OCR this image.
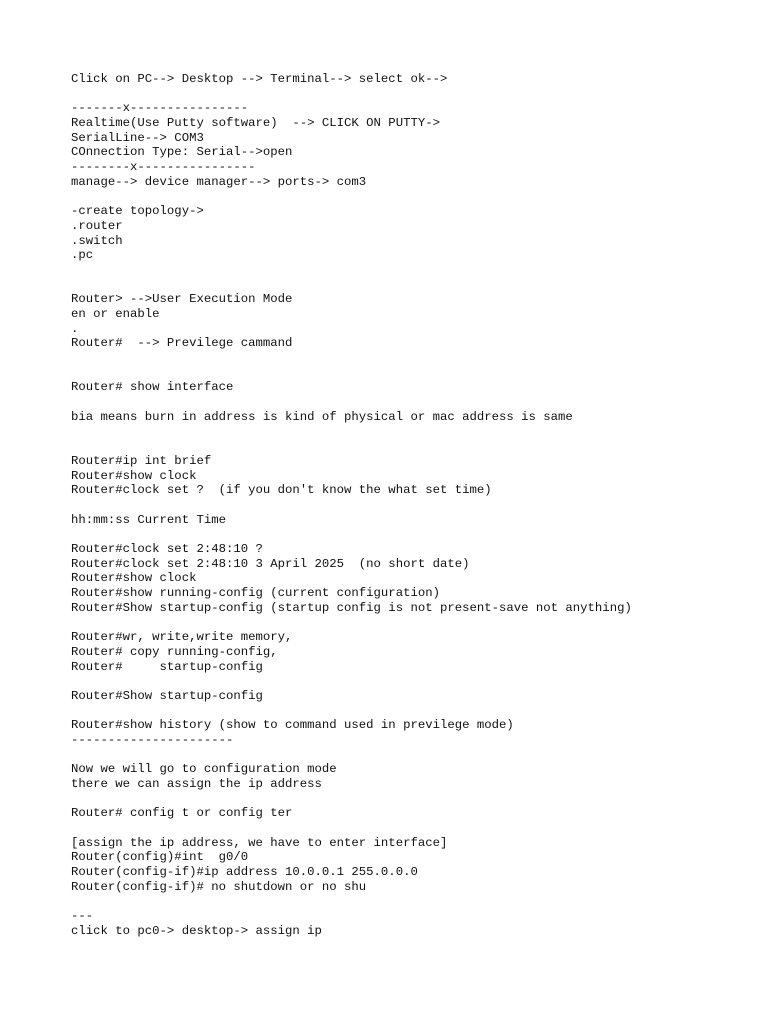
Click on PC--> Desktop --> Terminal--> select ok-->
-------x----------------
Realtime(Use Putty software)  --> CLICK ON PUTTY->
SerialLine--> COM3
COnnection Type: Serial-->open
--------x----------------
manage--> device manager--> ports-> com3
-create topology->
.router
.switch
.pc
Router> -->User Execution Mode
en or enable
.
Router#  --> Previlege cammand
Router# show interface
bia means burn in address is kind of physical or mac address is same
Router#ip int brief
Router#show clock
Router#clock set ?  (if you don't know the what set time)
hh:mm:ss Current Time
Router#clock set 2:48:10 ?
Router#clock set 2:48:10 3 April 2025  (no short date)
Router#show clock
Router#show running-config (current configuration)
Router#Show startup-config (startup config is not present-save not anything)
Router#wr, write,write memory,
Router# copy running-config,
Router#     startup-config
Router#Show startup-config
Router#show history (show to command used in previlege mode)
----------------------
Now we will go to configuration mode
there we can assign the ip address
Router# config t or config ter
[assign the ip address, we have to enter interface]
Router(config)#int  g0/0
Router(config-if)#ip address 10.0.0.1 255.0.0.0
Router(config-if)# no shutdown or no shu
---
click to pc0-> desktop-> assign ip
